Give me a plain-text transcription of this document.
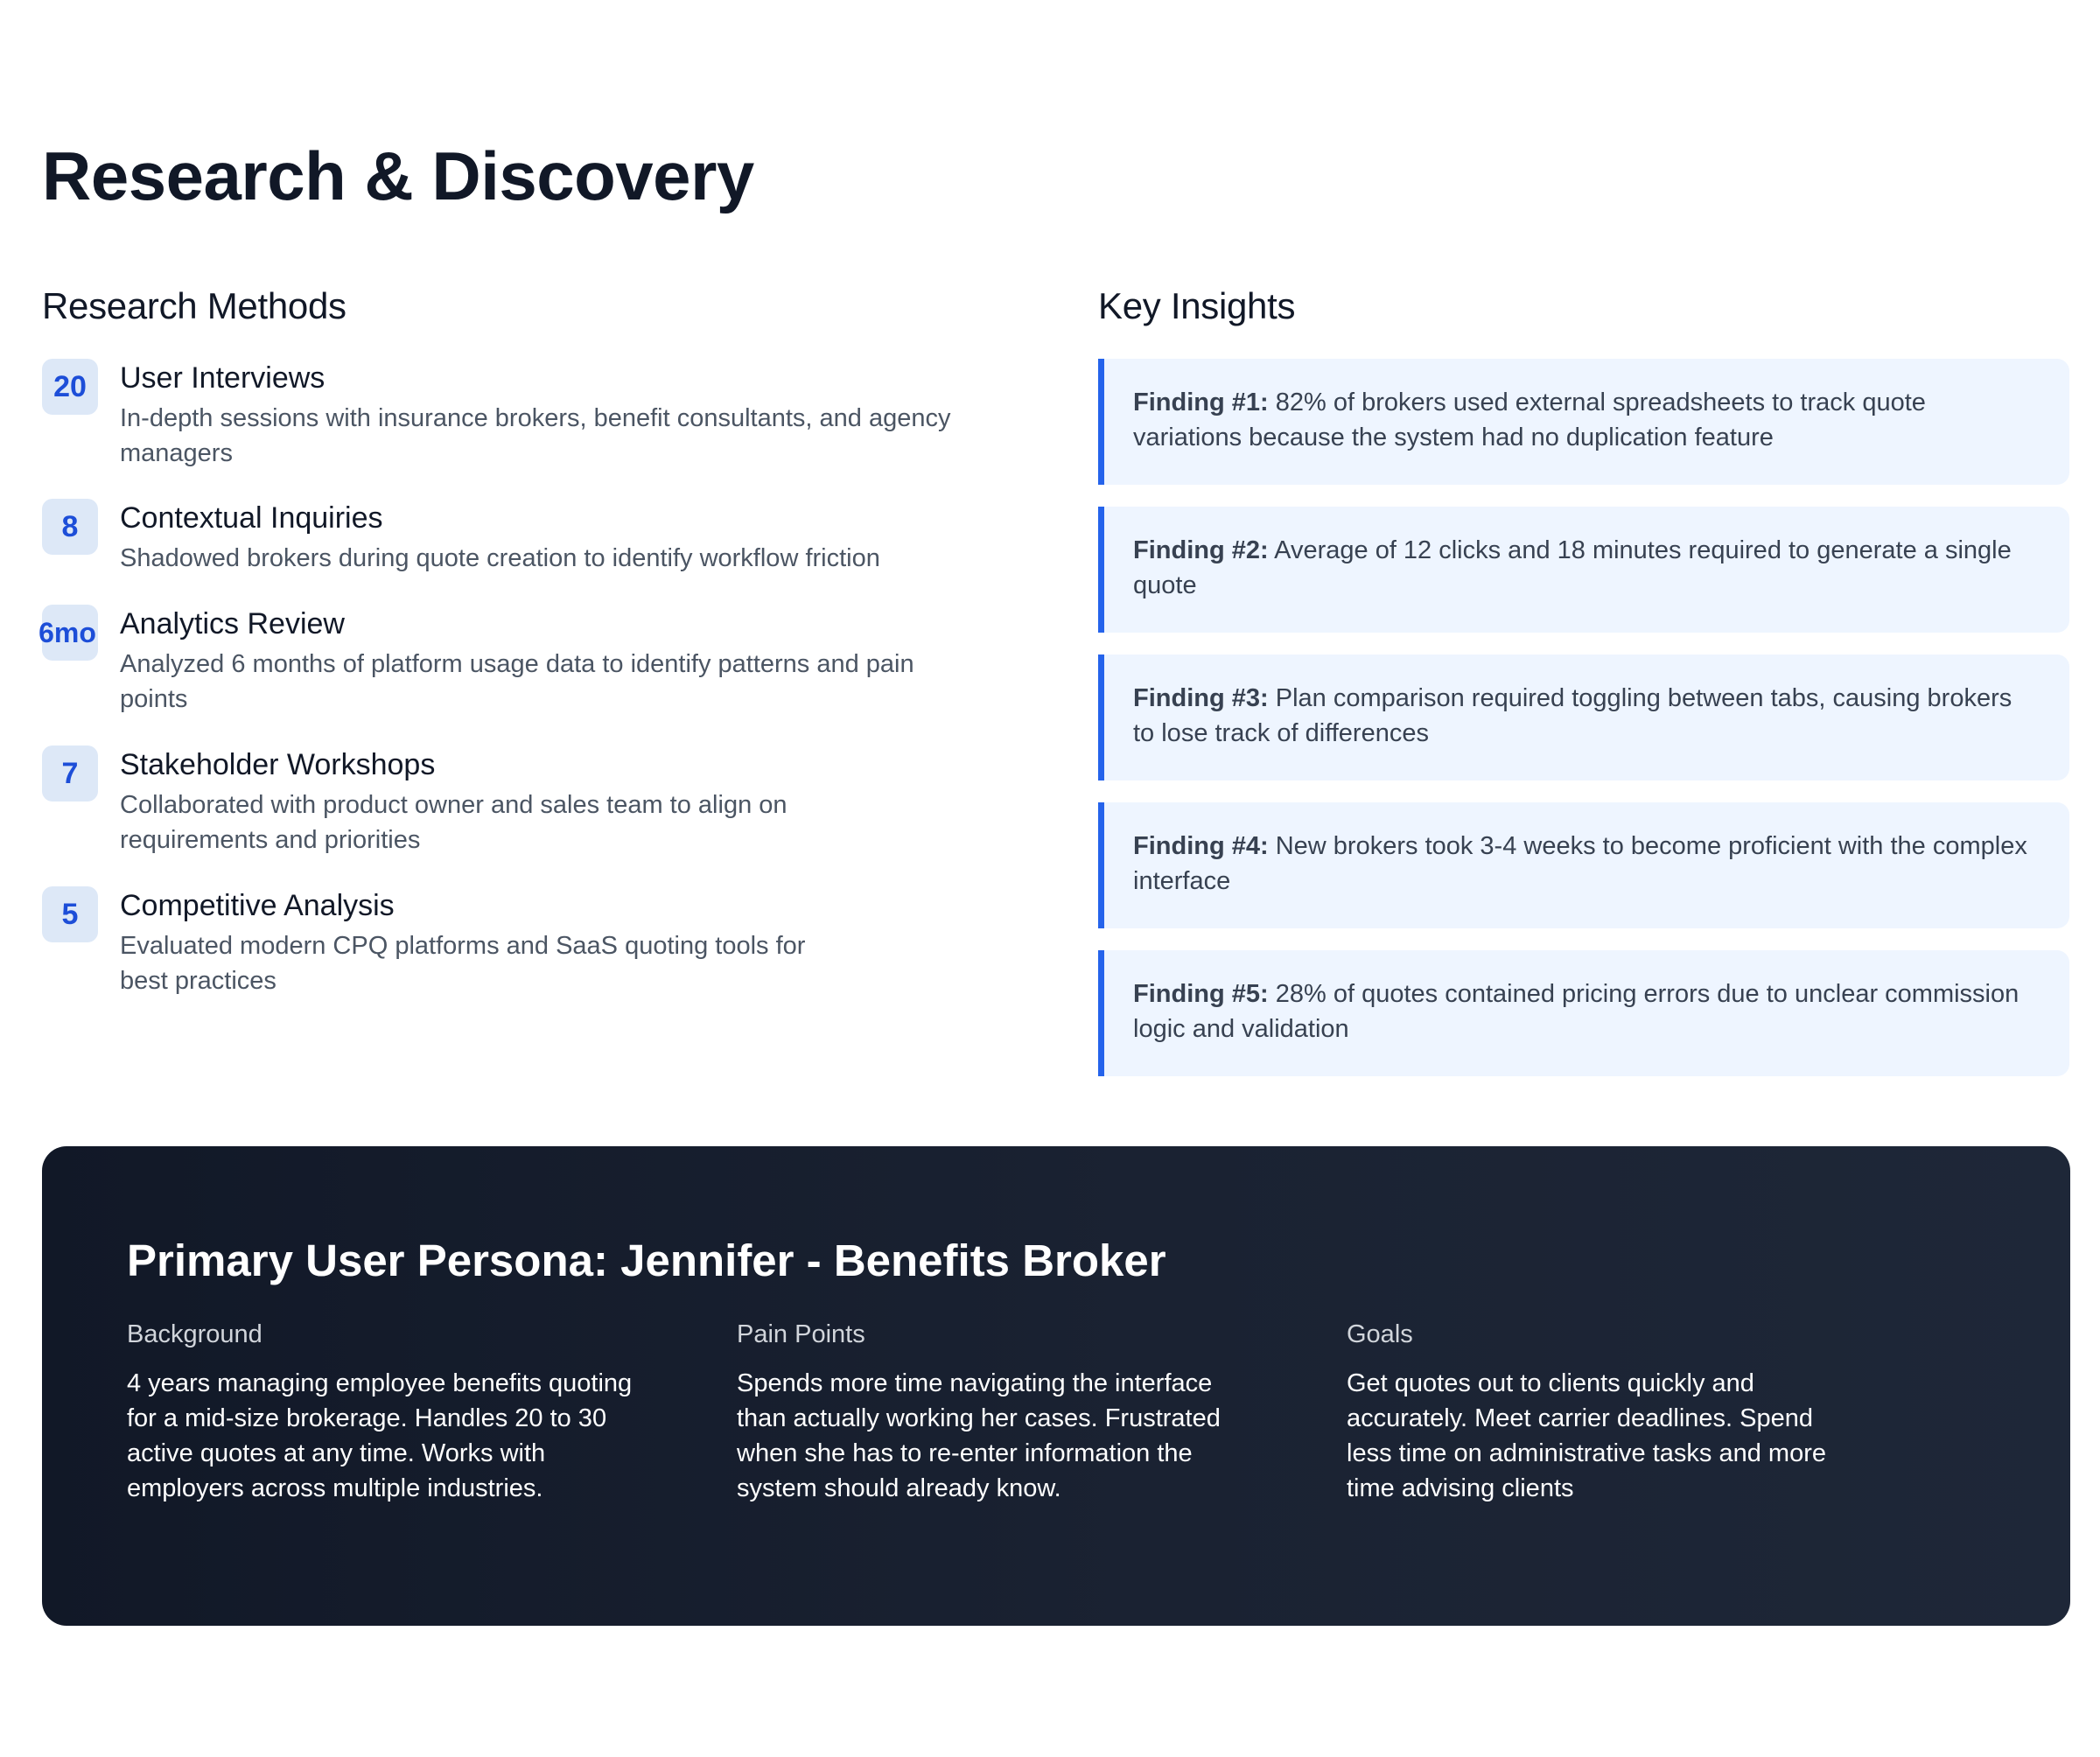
Research & Discovery
Research Methods
20	User Interviews
In-depth sessions with insurance brokers, benefit consultants, and agency managers
8	Contextual Inquiries
Shadowed brokers during quote creation to identify workflow friction
6mo Analytics Review
Analyzed 6 months of platform usage data to identify patterns and pain points
7	Stakeholder Workshops
Collaborated with product owner and sales team to align on requirements and priorities
5	Competitive Analysis
Evaluated modern CPQ platforms and SaaS quoting tools for best practices
Key Insights
Finding #1: 82% of brokers used external spreadsheets to track quote variations because the system had no duplication feature
Finding #2: Average of 12 clicks and 18 minutes required to generate a single quote
Finding #3: Plan comparison required toggling between tabs, causing brokers to lose track of differences
Finding #4: New brokers took 3-4 weeks to become proficient with the complex interface
Finding #5: 28% of quotes contained pricing errors due to unclear commission logic and validation
Primary User Persona: Jennifer - Benefits Broker
Background
4 years managing employee benefits quoting for a mid-size brokerage. Handles 20 to 30 active quotes at any time. Works with employers across multiple industries.
Pain Points
Spends more time navigating the interface than actually working her cases. Frustrated when she has to re-enter information the system should already know.
Goals
Get quotes out to clients quickly and accurately. Meet carrier deadlines. Spend less time on administrative tasks and more time advising clients
